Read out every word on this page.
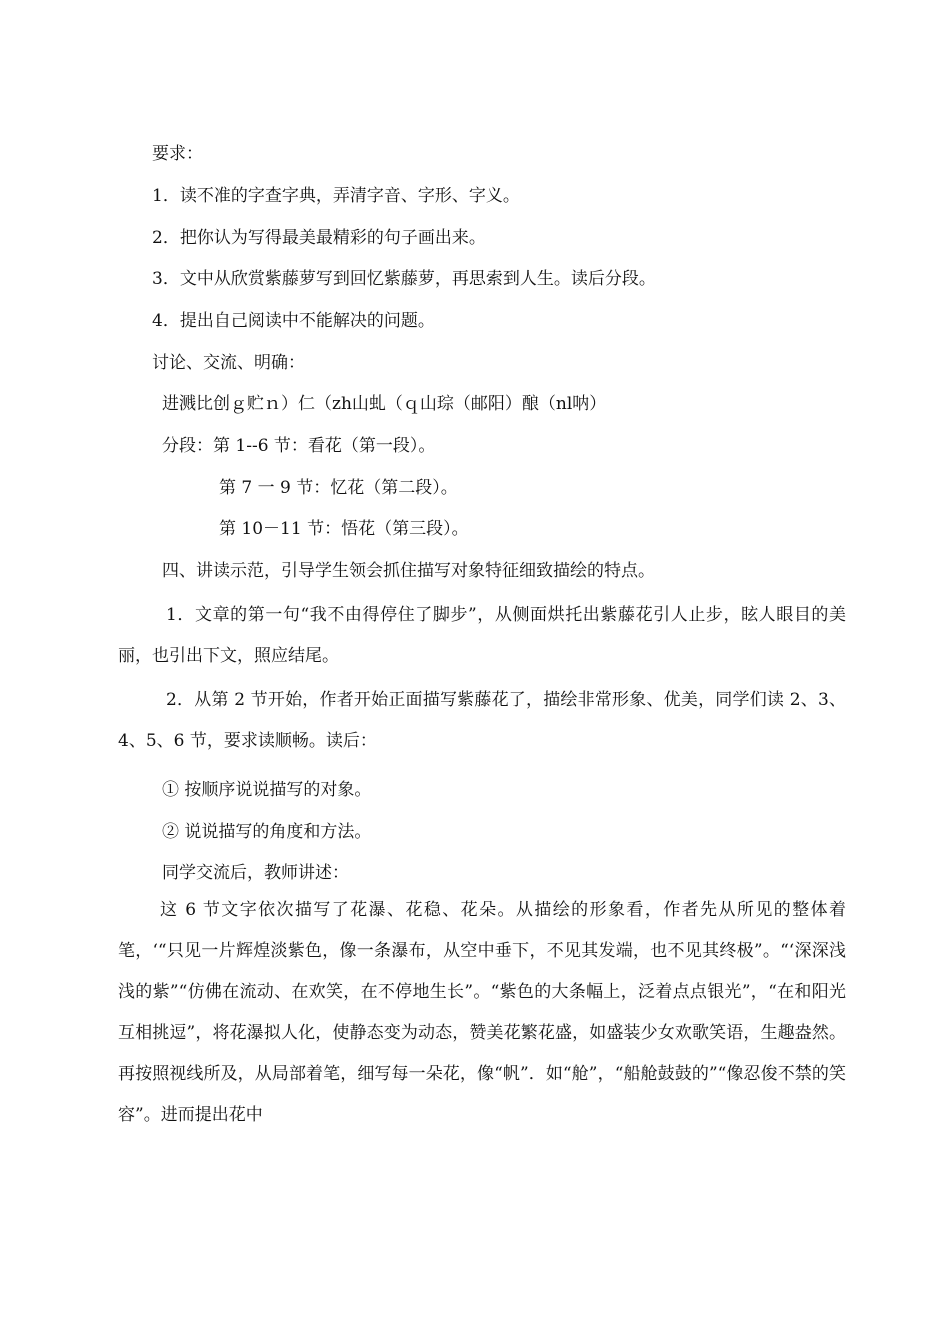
要求：
1．读不准的字查字典，弄清字音、字形、字义。
2．把你认为写得最美最精彩的句子画出来。
3．文中从欣赏紫藤萝写到回忆紫藤萝，再思索到人生。读后分段。
4．提出自己阅读中不能解决的问题。
讨论、交流、明确：
进溅比创ｇ贮ｎ）仁（zh山虬（ｑ山琮（邮阳）酿（nl呐）
分段：第 1--6 节：看花（第一段）。
第 7 一 9 节：忆花（第二段）。
第 10－11 节：悟花（第三段）。
四、讲读示范，引导学生领会抓住描写对象特征细致描绘的特点。
1．文章的第一句“我不由得停住了脚步”，从侧面烘托出紫藤花引人止步，眩人眼目的美丽，也引出下文，照应结尾。
2．从第 2 节开始，作者开始正面描写紫藤花了，描绘非常形象、优美，同学们读 2、3、4、5、6 节，要求读顺畅。读后：
① 按顺序说说描写的对象。
② 说说描写的角度和方法。
同学交流后，教师讲述：
这 6 节文字依次描写了花瀑、花稳、花朵。从描绘的形象看，作者先从所见的整体着笔，‘“只见一片辉煌淡紫色，像一条瀑布，从空中垂下，不见其发端，也不见其终极”。“‘深深浅浅的紫”“仿佛在流动、在欢笑，在不停地生长”。“紫色的大条幅上，泛着点点银光”，“在和阳光互相挑逗”，将花瀑拟人化，使静态变为动态，赞美花繁花盛，如盛装少女欢歌笑语，生趣盎然。再按照视线所及，从局部着笔，细写每一朵花，像“帆”．如“舱”，“船舱鼓鼓的”“像忍俊不禁的笑容”。进而提出花中
